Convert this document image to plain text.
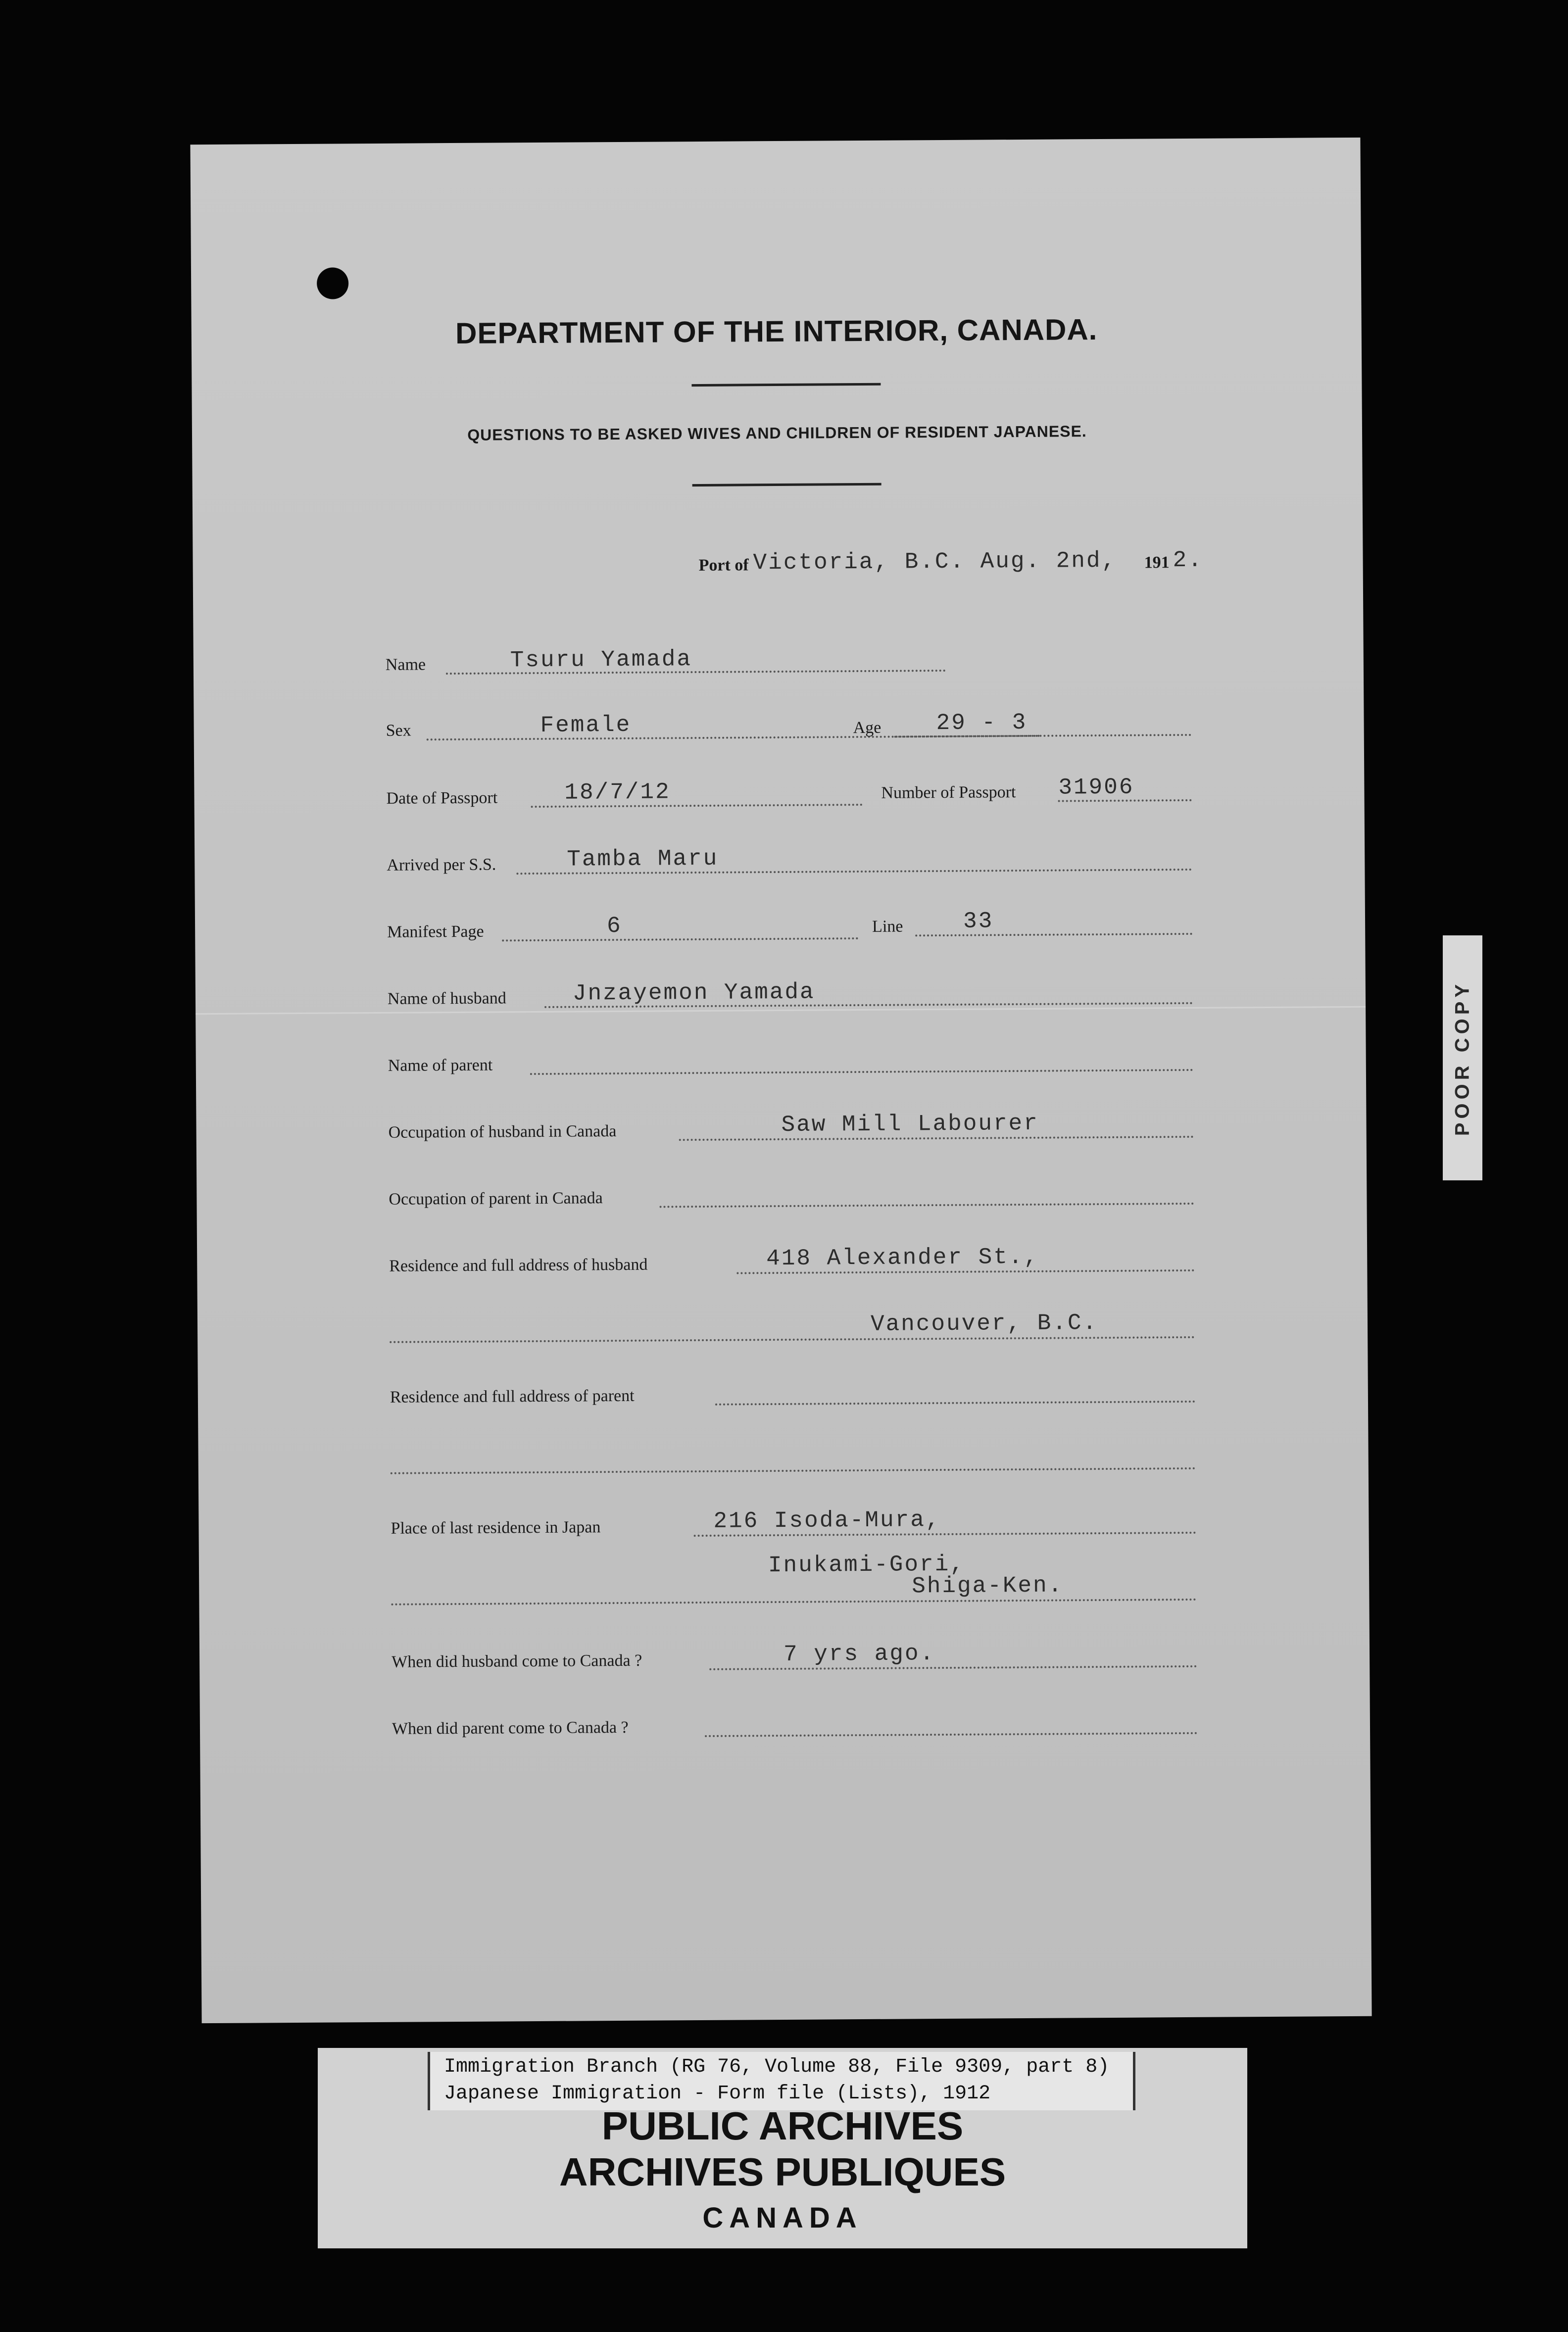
DEPARTMENT OF THE INTERIOR, CANADA.
QUESTIONS TO BE ASKED WIVES AND CHILDREN OF RESIDENT JAPANESE.
Port of Victoria, B.C. Aug. 2nd, 191 2.
Name	Tsuru Yamada
Sex	Female	Age 29 - 3
Date of Passport	18/7/12	Number of Passport 31906
Arrived per S.S.	Tamba Maru
Manifest Page	6	Line	33
Name of husband	Jnzayemon Yamada
Name of parent
Occupation of husband in Canada	Saw Mill Labourer
Occupation of parent in Canada
Residence and full address of husband	418 Alexander St.,
Vancouver, B.C.
Residence and full address of parent
Place of last residence in Japan	216 Isoda-Mura,
Inukami-Gori,
Shiga-Ken.
When did husband come to Canada ?	7 yrs ago.
When did parent come to Canada ?
POOR COPY
Immigration Branch (RG 76, Volume 88, File 9309, part 8)
Japanese Immigration - Form file (Lists), 1912
PUBLIC ARCHIVES
ARCHIVES PUBLIQUES
CANADA
